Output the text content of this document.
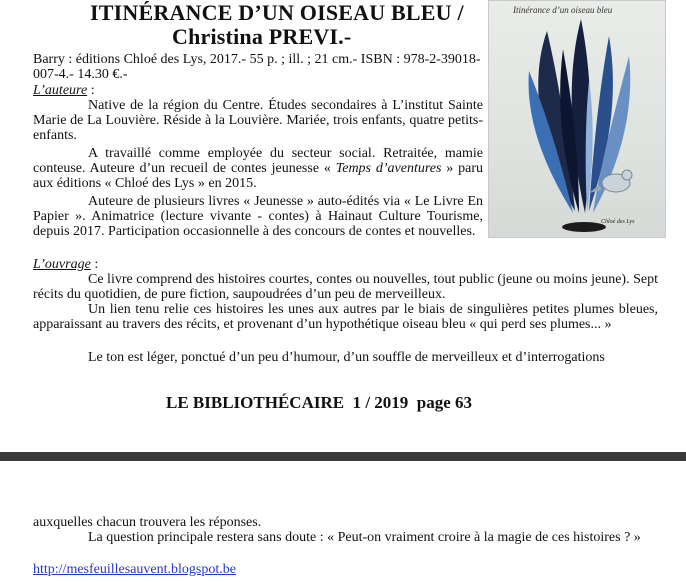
ITINÉRANCE D’UN OISEAU BLEU /
Christina PREVI.-
Itinérance d’un oiseau bleu
Chloé des Lys
Barry : éditions Chloé des Lys, 2017.- 55 p. ; ill. ; 21 cm.- ISBN : 978-2-39018-007-4.- 14.30 €.-
L’auteure :
Native de la région du Centre. Études secondaires à L’institut Sainte Marie de La Louvière. Réside à la Louvière. Mariée, trois enfants, quatre petits-enfants.
A travaillé comme employée du secteur social. Retraitée, mamie conteuse. Auteure d’un recueil de contes jeunesse « Temps d’aventures » paru aux éditions « Chloé des Lys » en 2015.
Auteure de plusieurs livres « Jeunesse » auto-édités via « Le Livre En Papier ». Animatrice (lecture vivante - contes) à Hainaut Culture Tourisme, depuis 2017. Participation occasionnelle à des concours de contes et nouvelles.
L’ouvrage :
Ce livre comprend des histoires courtes, contes ou nouvelles, tout public (jeune ou moins jeune). Sept récits du quotidien, de pure fiction, saupoudrées d’un peu de merveilleux.
Un lien tenu relie ces histoires les unes aux autres par le biais de singulières petites plumes bleues, apparaissant au travers des récits, et provenant d’un hypothétique oiseau bleu « qui perd ses plumes... »
Le ton est léger, ponctué d’un peu d’humour, d’un souffle de merveilleux et d’interrogations
LE BIBLIOTHÉCAIRE  1 / 2019  page 63
auxquelles chacun trouvera les réponses.
La question principale restera sans doute : « Peut-on vraiment croire à la magie de ces histoires ? »
http://mesfeuillesauvent.blogspot.be
